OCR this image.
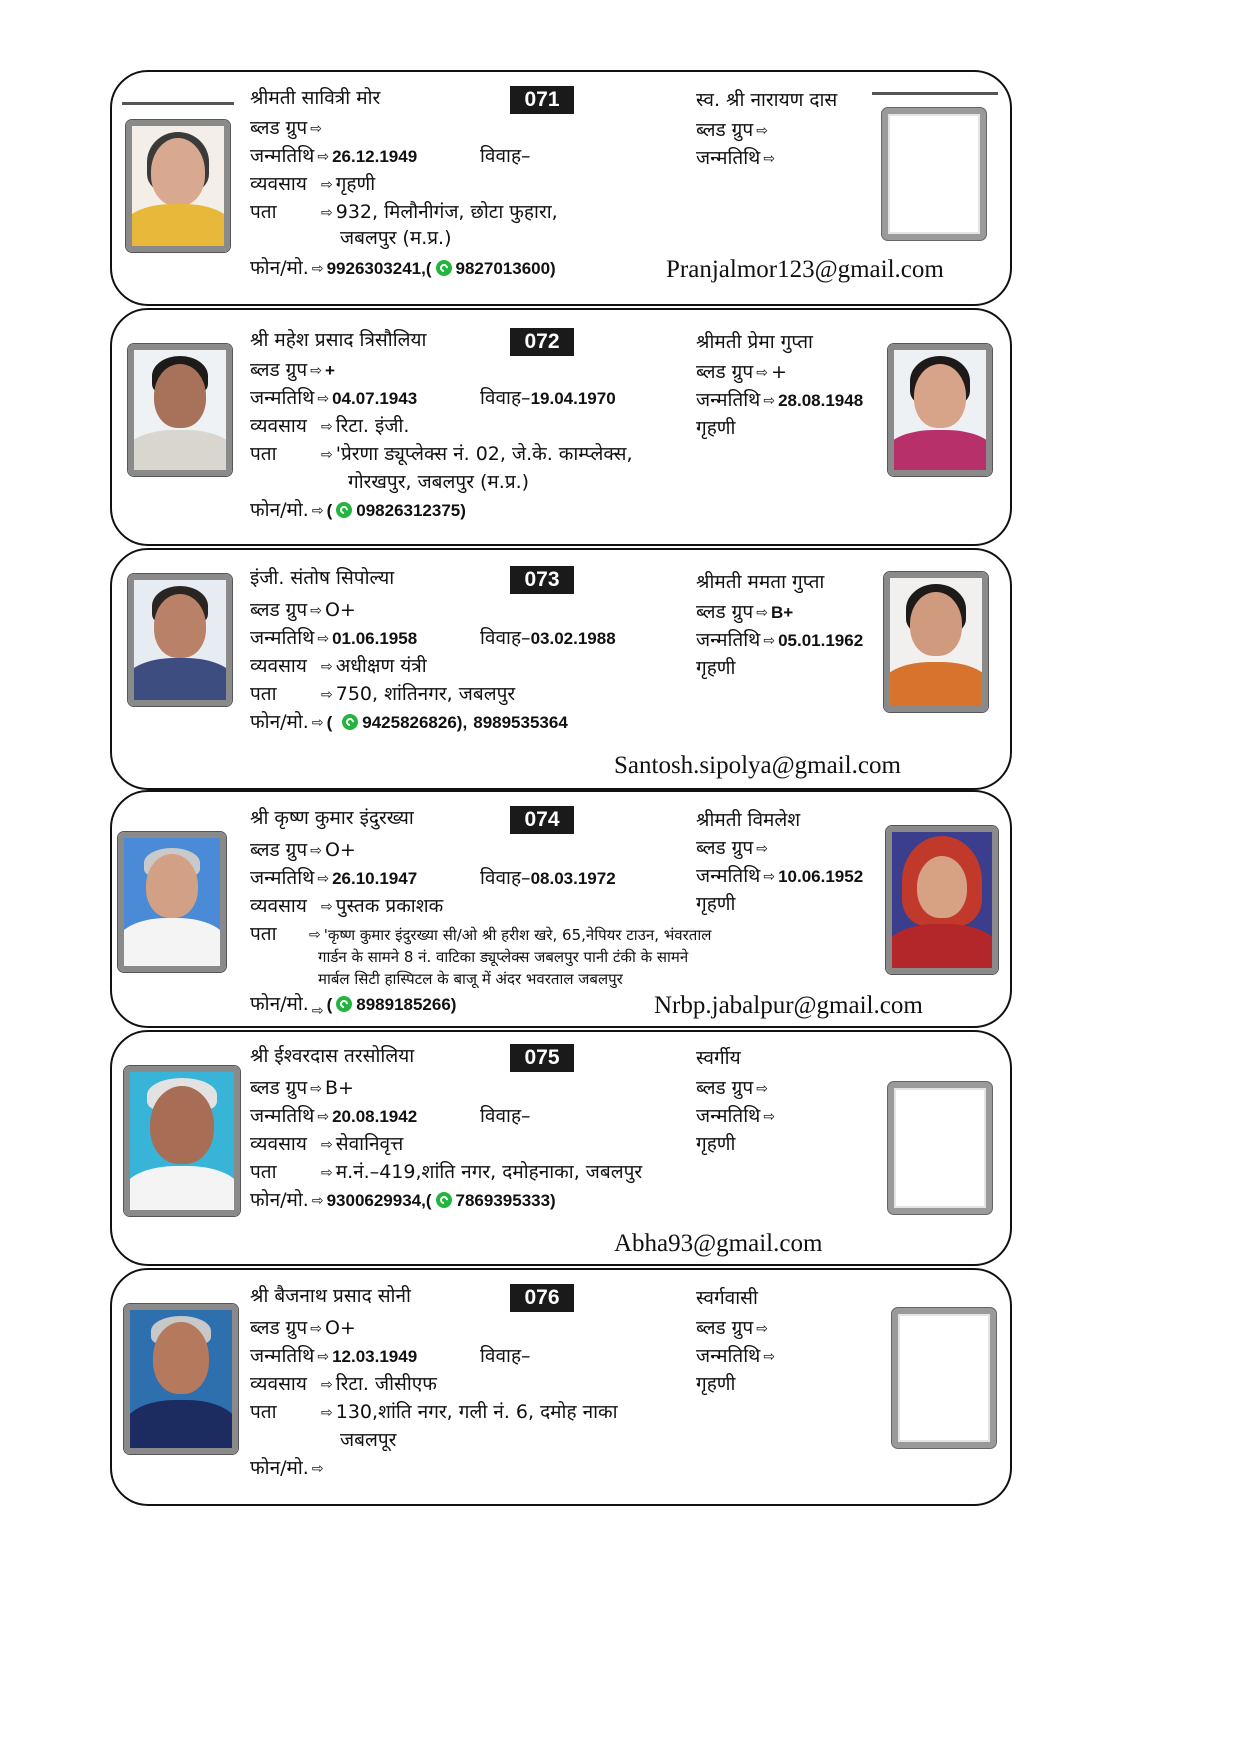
श्रीमती सावित्री मोर	071
ब्लड ग्रुप ⇨
जन्मतिथि ⇨ 26.12.1949	विवाह–
व्यवसाय ⇨ गृहणी
पता	⇨ 932, मिलौनीगंज, छोटा फुहारा,
जबलपुर (म.प्र.)
फोन/मो. ⇨ 9926303241,( 9827013600)
स्व. श्री नारायण दास
ब्लड ग्रुप ⇨
जन्मतिथि ⇨
Pranjalmor123@gmail.com
श्री महेश प्रसाद त्रिसौलिया	072
ब्लड ग्रुप ⇨ +
जन्मतिथि ⇨ 04.07.1943	विवाह–19.04.1970
व्यवसाय ⇨ रिटा. इंजी.
पता	⇨ 'प्रेरणा ड्यूप्लेक्स नं. 02, जे.के. काम्प्लेक्स,
गोरखपुर, जबलपुर (म.प्र.)
फोन/मो. ⇨ ( 09826312375)
श्रीमती प्रेमा गुप्ता
ब्लड ग्रुप ⇨ +
जन्मतिथि ⇨ 28.08.1948
गृहणी
इंजी. संतोष सिपोल्या	073
ब्लड ग्रुप ⇨ O+
जन्मतिथि ⇨ 01.06.1958	विवाह–03.02.1988
व्यवसाय ⇨ अधीक्षण यंत्री
पता	⇨ 750, शांतिनगर, जबलपुर
फोन/मो. ⇨ ( 9425826826), 8989535364
श्रीमती ममता गुप्ता
ब्लड ग्रुप ⇨ B+
जन्मतिथि ⇨ 05.01.1962
गृहणी
Santosh.sipolya@gmail.com
श्री कृष्ण कुमार इंदुरख्या	074
ब्लड ग्रुप ⇨ O+
जन्मतिथि ⇨ 26.10.1947	विवाह–08.03.1972
व्यवसाय ⇨ पुस्तक प्रकाशक
पता ⇨ 'कृष्ण कुमार इंदुरख्या सी/ओ श्री हरीश खरे, 65,नेपियर टाउन, भंवरताल
गार्डन के सामने 8 नं. वाटिका ड्यूप्लेक्स जबलपुर पानी टंकी के सामने
मार्बल सिटी हास्पिटल के बाजू में अंदर भवरताल जबलपुर
फोन/मो. ⇨ ( 8989185266)
श्रीमती विमलेश
ब्लड ग्रुप ⇨
जन्मतिथि ⇨ 10.06.1952
गृहणी
Nrbp.jabalpur@gmail.com
श्री ईश्वरदास तरसोलिया	075
ब्लड ग्रुप ⇨ B+
जन्मतिथि ⇨ 20.08.1942	विवाह–
व्यवसाय ⇨ सेवानिवृत्त
पता	⇨ म.नं.–419,शांति नगर, दमोहनाका, जबलपुर
फोन/मो. ⇨ 9300629934,( 7869395333)
स्वर्गीय
ब्लड ग्रुप ⇨
जन्मतिथि ⇨
गृहणी
Abha93@gmail.com
श्री बैजनाथ प्रसाद सोनी	076
ब्लड ग्रुप ⇨ O+
जन्मतिथि ⇨ 12.03.1949	विवाह–
व्यवसाय ⇨ रिटा. जीसीएफ
पता	⇨ 130,शांति नगर, गली नं. 6, दमोह नाका
जबलपूर
फोन/मो. ⇨
स्वर्गवासी
ब्लड ग्रुप ⇨
जन्मतिथि ⇨
गृहणी
